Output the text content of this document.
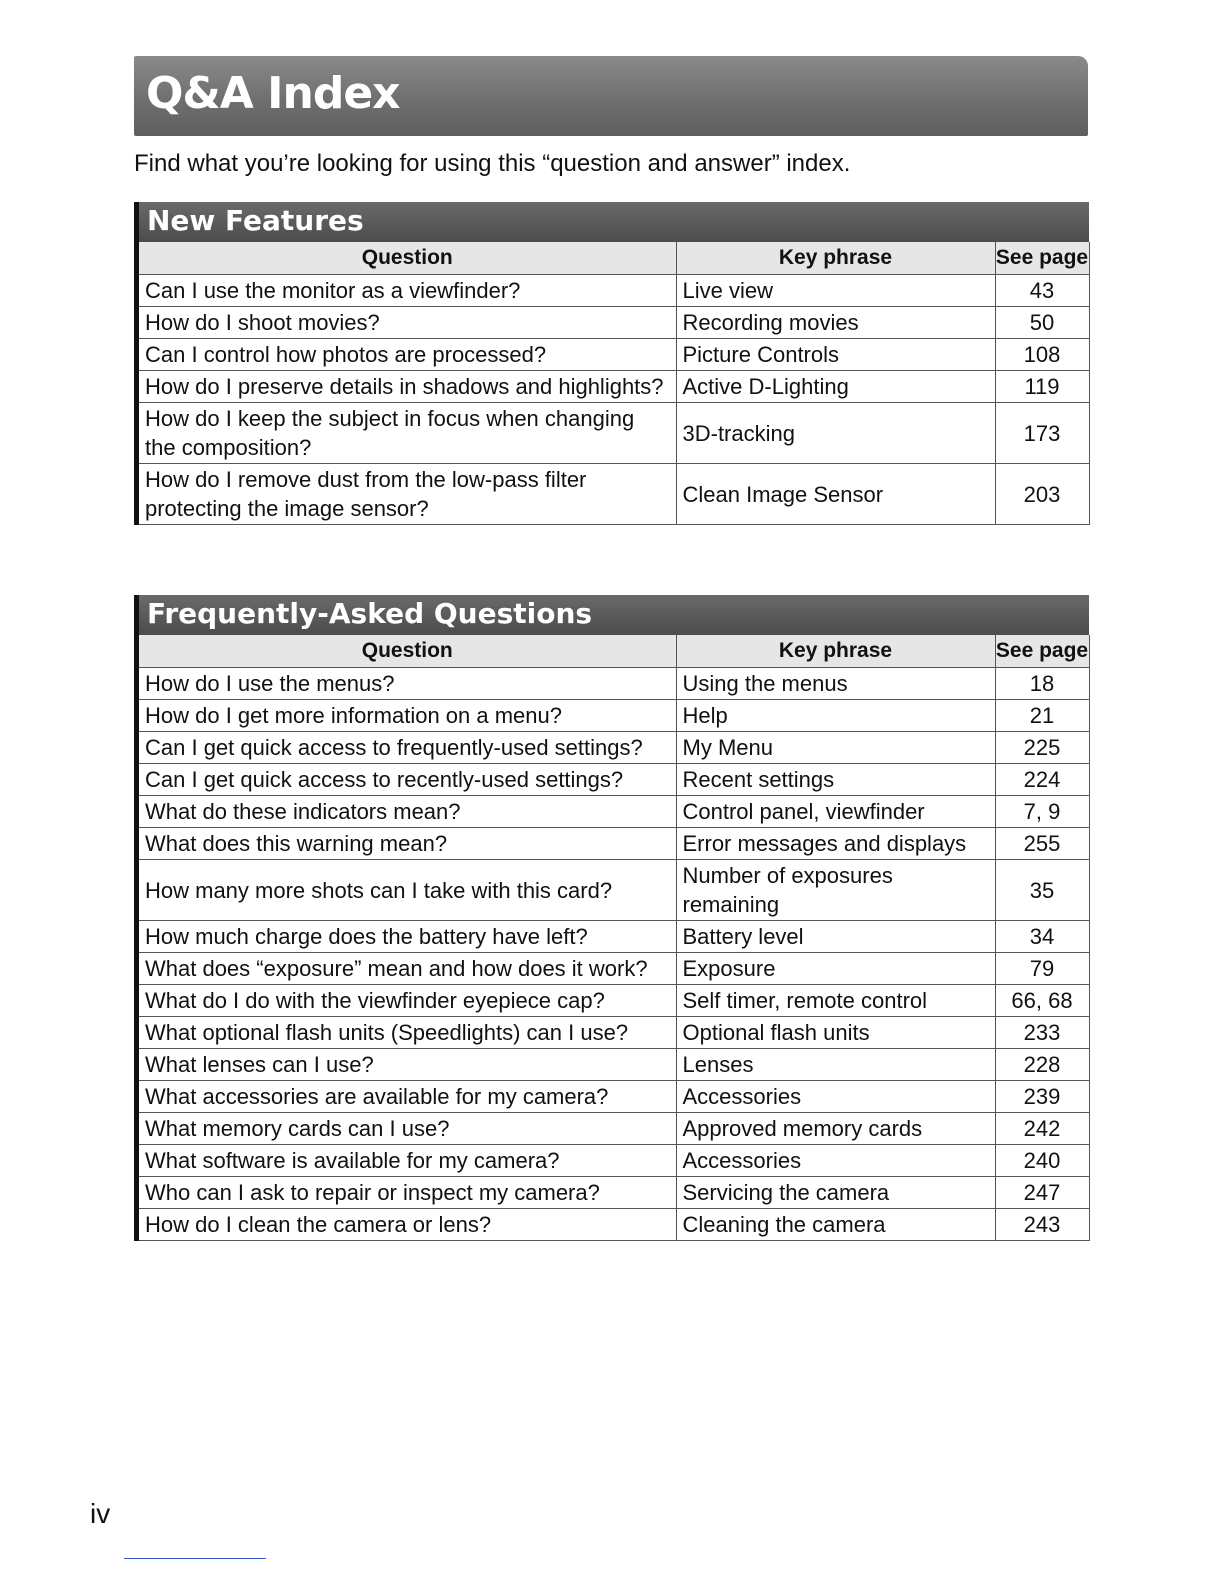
Q&A Index

Find what you’re looking for using this “question and answer” index.

New Features
Question	Key phrase	See page
Can I use the monitor as a viewfinder?	Live view	43
How do I shoot movies?	Recording movies	50
Can I control how photos are processed?	Picture Controls	108
How do I preserve details in shadows and highlights?	Active D-Lighting	119
How do I keep the subject in focus when changing the composition?	3D-tracking	173
How do I remove dust from the low-pass filter protecting the image sensor?	Clean Image Sensor	203
Frequently-Asked Questions
Question	Key phrase	See page
How do I use the menus?	Using the menus	18
How do I get more information on a menu?	Help	21
Can I get quick access to frequently-used settings?	My Menu	225
Can I get quick access to recently-used settings?	Recent settings	224
What do these indicators mean?	Control panel, viewfinder	7, 9
What does this warning mean?	Error messages and displays	255
How many more shots can I take with this card?	Number of exposures remaining	35
How much charge does the battery have left?	Battery level	34
What does “exposure” mean and how does it work?	Exposure	79
What do I do with the viewfinder eyepiece cap?	Self timer, remote control	66, 68
What optional flash units (Speedlights) can I use?	Optional flash units	233
What lenses can I use?	Lenses	228
What accessories are available for my camera?	Accessories	239
What memory cards can I use?	Approved memory cards	242
What software is available for my camera?	Accessories	240
Who can I ask to repair or inspect my camera?	Servicing the camera	247
How do I clean the camera or lens?	Cleaning the camera	243
iv
